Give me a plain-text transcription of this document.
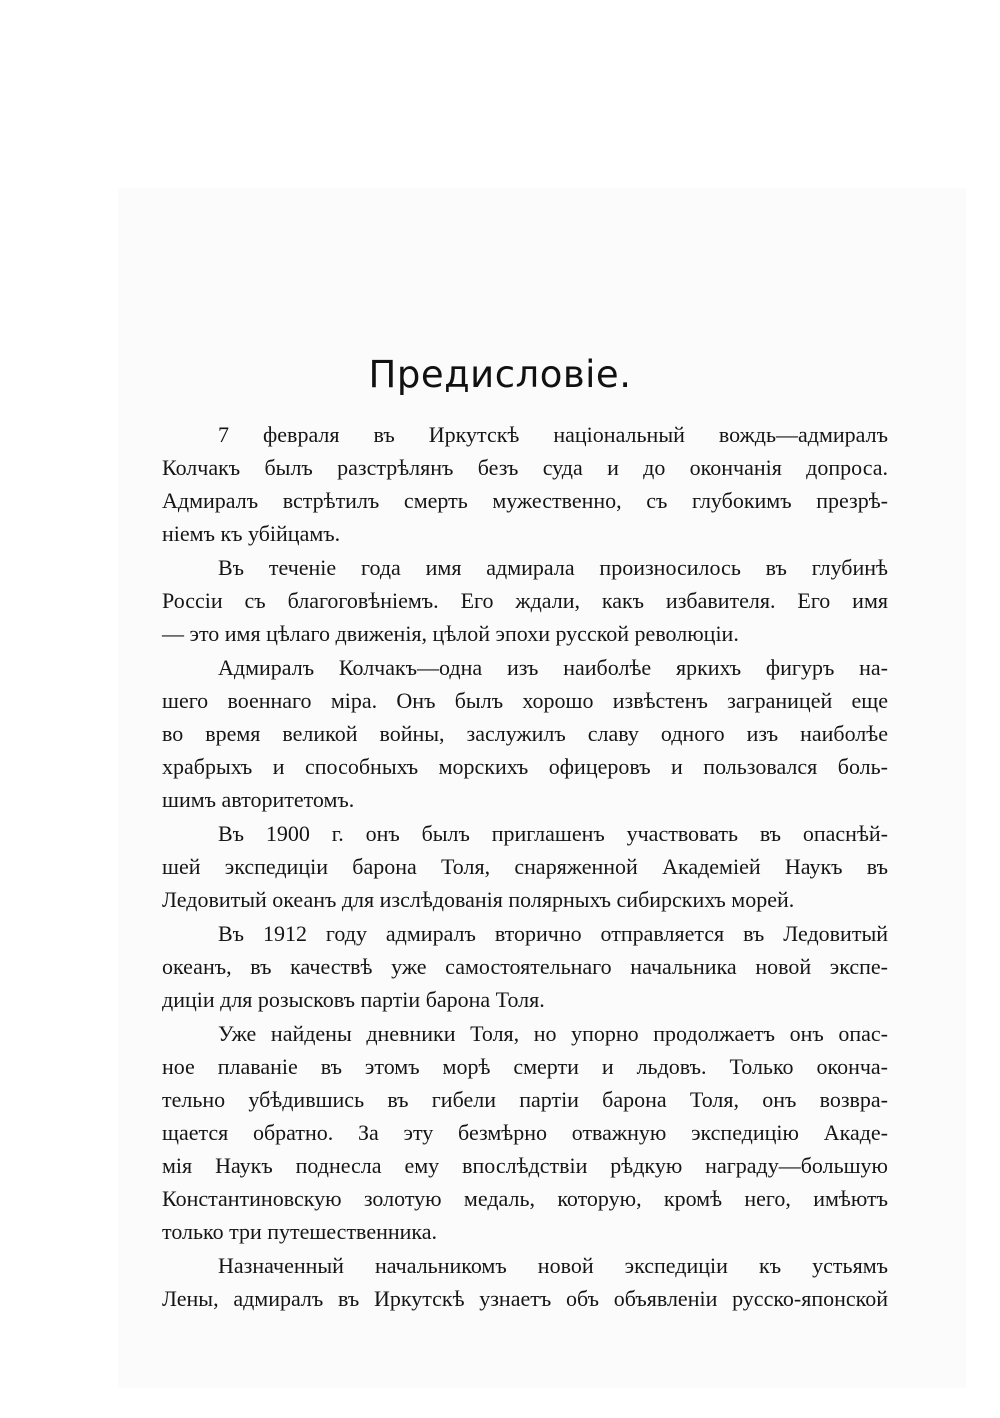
Предисловіе.
7 февраля въ Иркутскѣ національный вождь—адмиралъ
Колчакъ былъ разстрѣлянъ безъ суда и до окончанія допроса.
Адмиралъ встрѣтилъ смерть мужественно, съ глубокимъ презрѣ-
ніемъ къ убійцамъ.
Въ теченіе года имя адмирала произносилось въ глубинѣ
Россіи съ благоговѣніемъ. Его ждали, какъ избавителя. Его имя
— это имя цѣлаго движенія, цѣлой эпохи русской революціи.
Адмиралъ Колчакъ—одна изъ наиболѣе яркихъ фигуръ на-
шего военнаго міра. Онъ былъ хорошо извѣстенъ заграницей еще
во время великой войны, заслужилъ славу одного изъ наиболѣе
храбрыхъ и способныхъ морскихъ офицеровъ и пользовался боль-
шимъ авторитетомъ.
Въ 1900 г. онъ былъ приглашенъ участвовать въ опаснѣй-
шей экспедиціи барона Толя, снаряженной Академіей Наукъ въ
Ледовитый океанъ для изслѣдованія полярныхъ сибирскихъ морей.
Въ 1912 году адмиралъ вторично отправляется въ Ледовитый
океанъ, въ качествѣ уже самостоятельнаго начальника новой экспе-
диціи для розысковъ партіи барона Толя.
Уже найдены дневники Толя, но упорно продолжаетъ онъ опас-
ное плаваніе въ этомъ морѣ смерти и льдовъ. Только оконча-
тельно убѣдившись въ гибели партіи барона Толя, онъ возвра-
щается обратно. За эту безмѣрно отважную экспедицію Акаде-
мія Наукъ поднесла ему впослѣдствіи рѣдкую награду—большую
Константиновскую золотую медаль, которую, кромѣ него, имѣютъ
только три путешественника.
Назначенный начальникомъ новой экспедиціи къ устьямъ
Лены, адмиралъ въ Иркутскѣ узнаетъ объ объявленіи русско-японской
